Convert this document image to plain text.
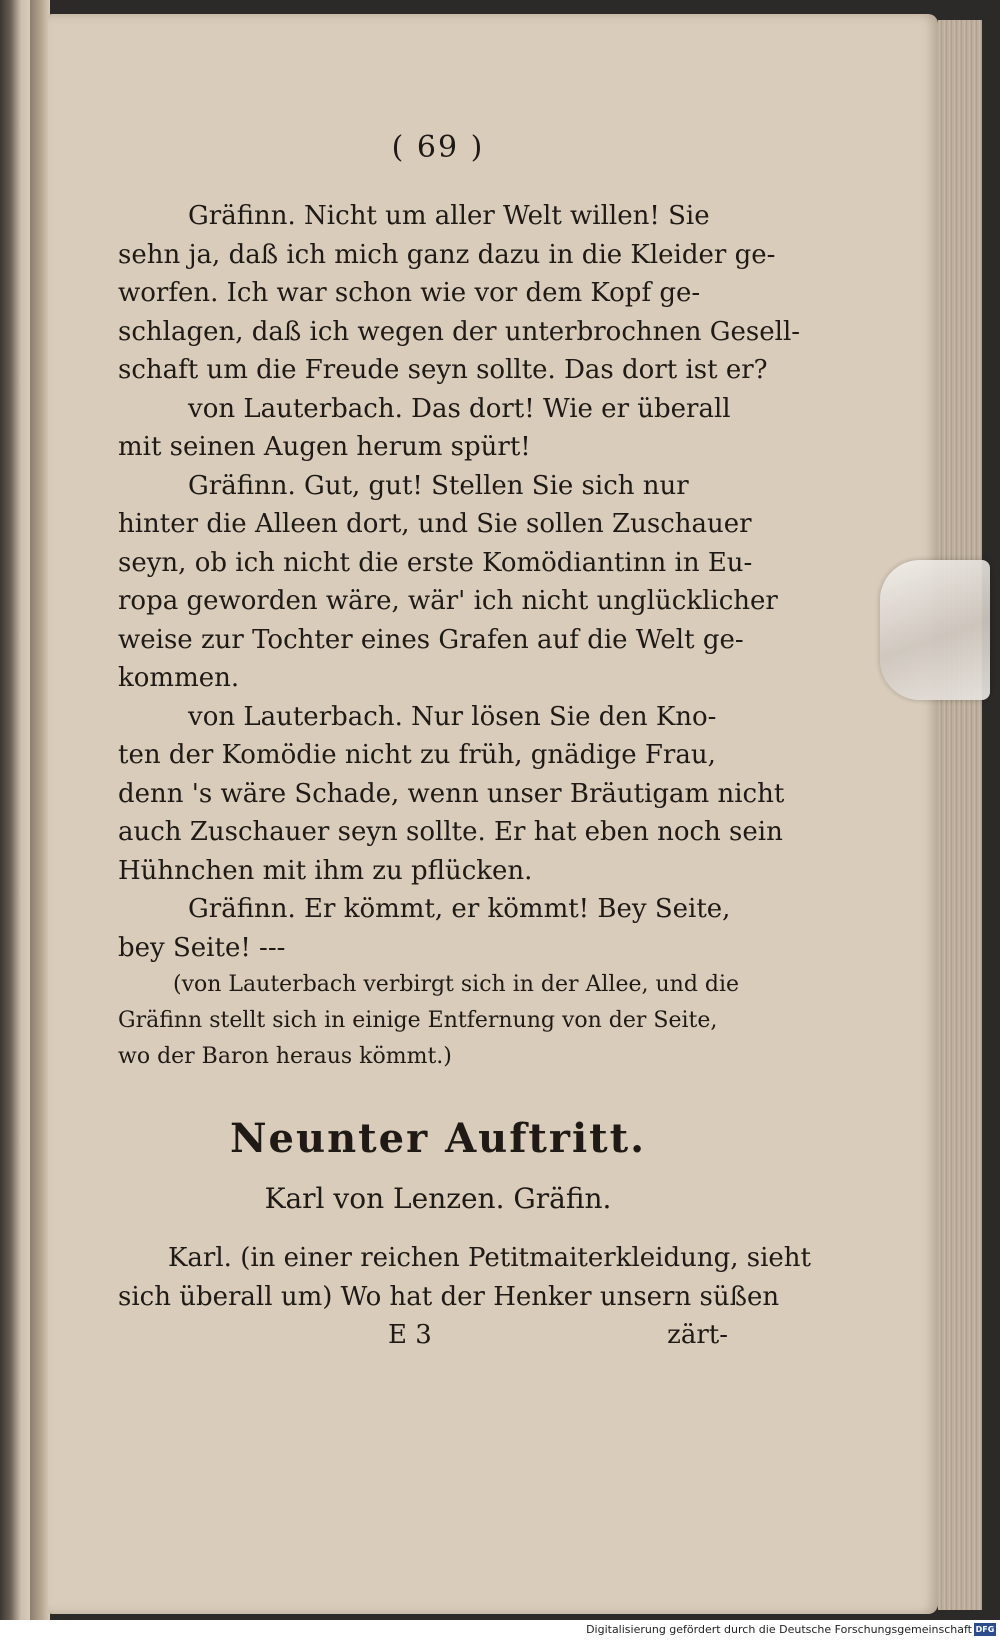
( 69 )

Gräfinn. Nicht um aller Welt willen! Sie

sehn ja, daß ich mich ganz dazu in die Kleider ge-

worfen. Ich war schon wie vor dem Kopf ge-

schlagen, daß ich wegen der unterbrochnen Gesell-

schaft um die Freude seyn sollte. Das dort ist er?

von Lauterbach. Das dort! Wie er überall

mit seinen Augen herum spürt!

Gräfinn. Gut, gut! Stellen Sie sich nur

hinter die Alleen dort, und Sie sollen Zuschauer

seyn, ob ich nicht die erste Komödiantinn in Eu-

ropa geworden wäre, wär' ich nicht unglücklicher

weise zur Tochter eines Grafen auf die Welt ge-

kommen.

von Lauterbach. Nur lösen Sie den Kno-

ten der Komödie nicht zu früh, gnädige Frau,

denn 's wäre Schade, wenn unser Bräutigam nicht

auch Zuschauer seyn sollte. Er hat eben noch sein

Hühnchen mit ihm zu pflücken.

Gräfinn. Er kömmt, er kömmt! Bey Seite,

bey Seite! ---

(von Lauterbach verbirgt sich in der Allee, und die

Gräfinn stellt sich in einige Entfernung von der Seite,

wo der Baron heraus kömmt.)

Neunter Auftritt.
Karl von Lenzen. Gräfin.

Karl. (in einer reichen Petitmaiterkleidung, sieht

sich überall um) Wo hat der Henker unsern süßen

E 3	zärt-
Digitalisierung gefördert durch die Deutsche Forschungsgemeinschaft DFG
